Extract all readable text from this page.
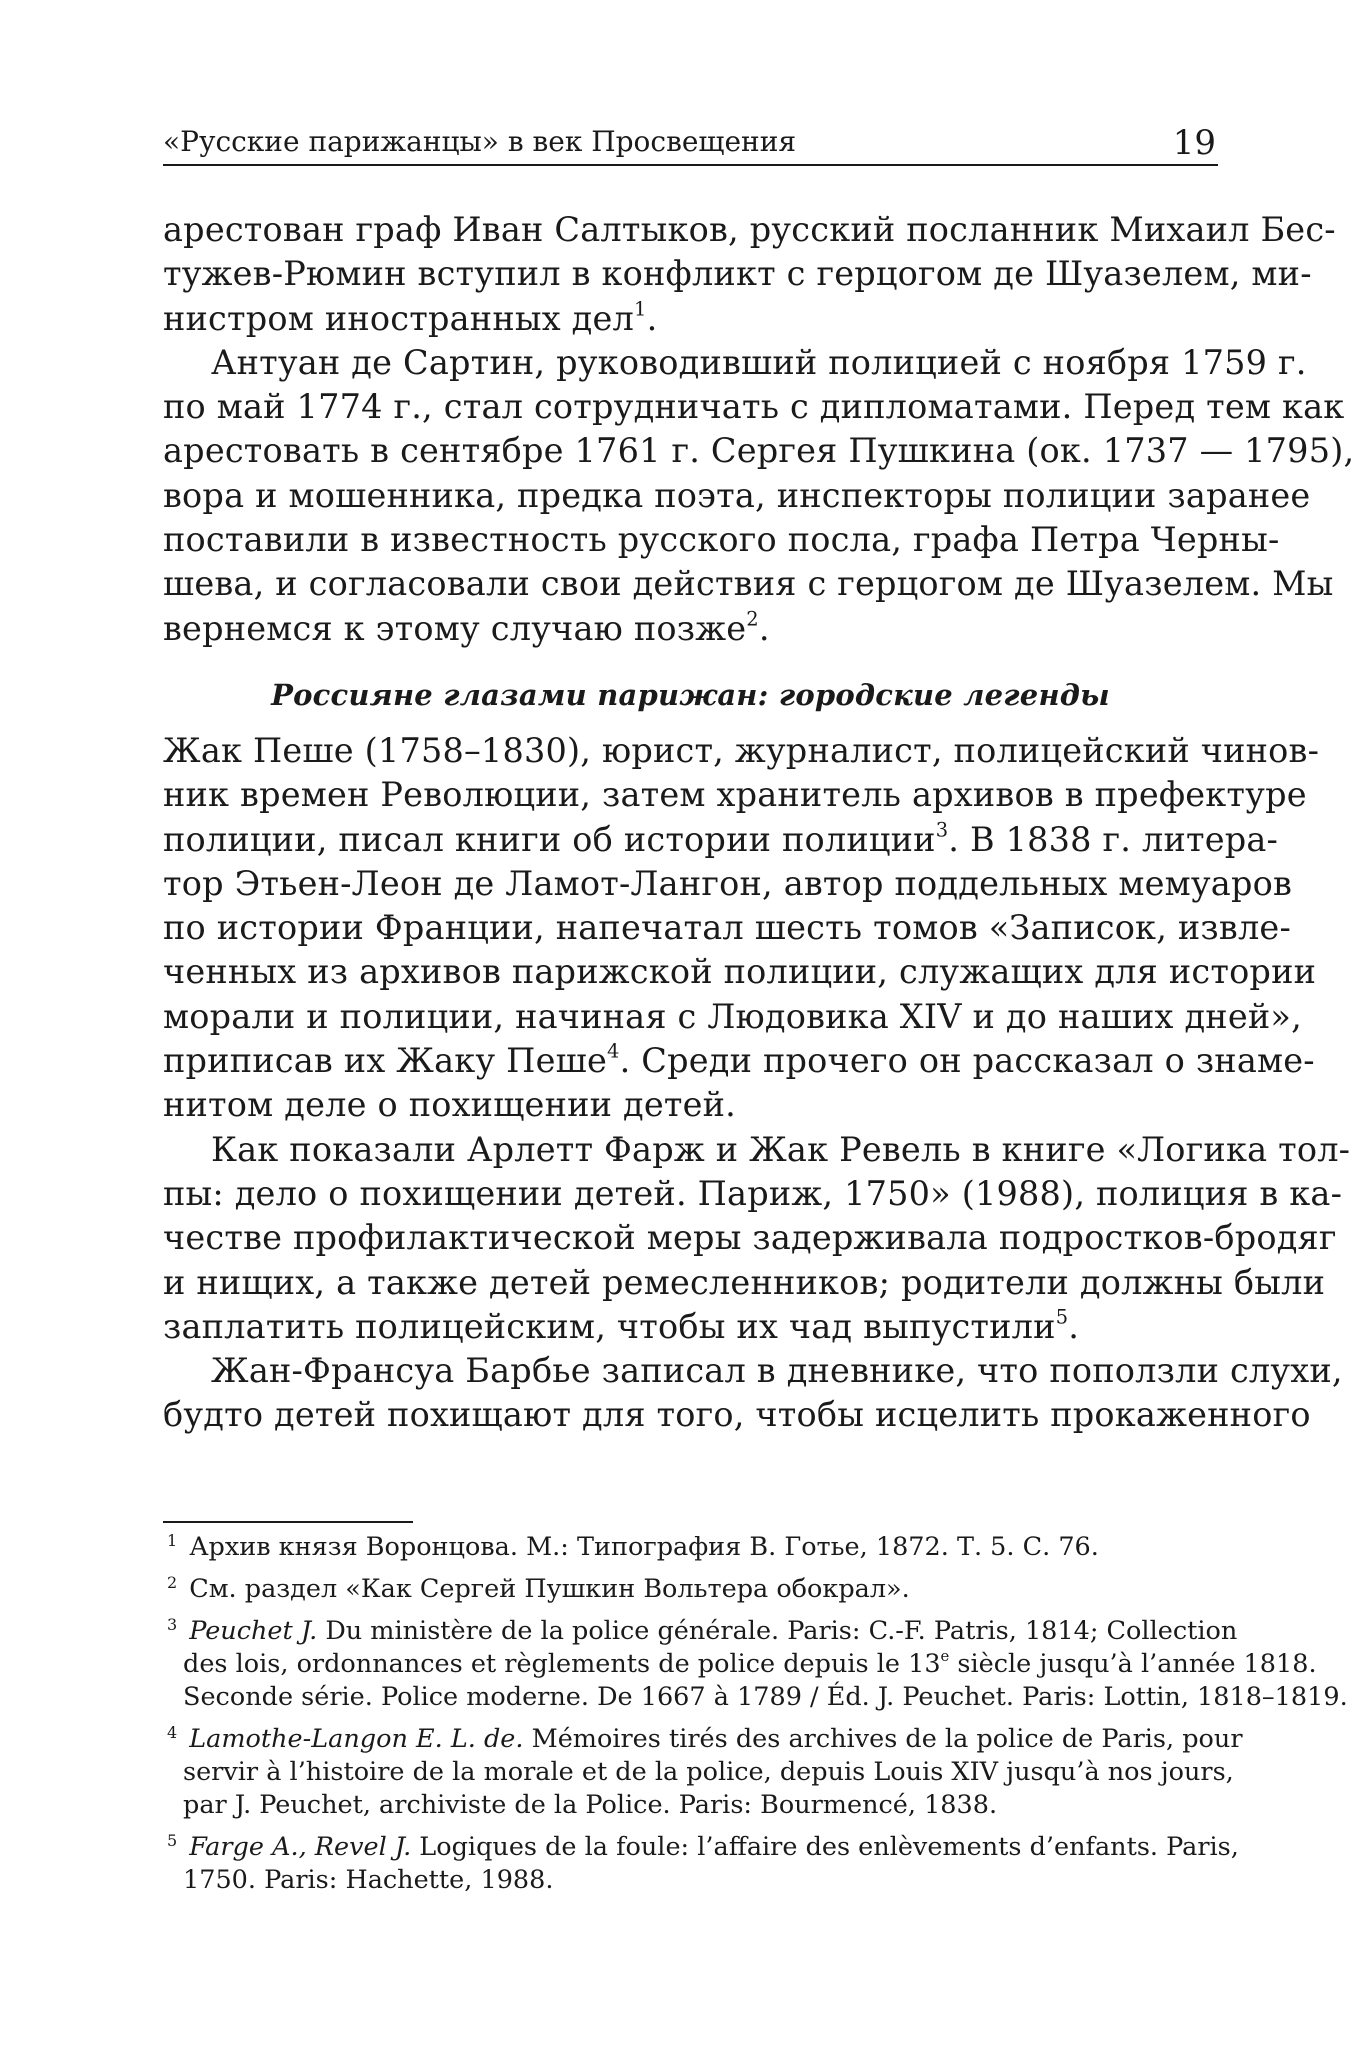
«Русские парижанцы» в век Просвещения	19
арестован граф Иван Салтыков, русский посланник Михаил Бес-
тужев-Рюмин вступил в конфликт с герцогом де Шуазелем, ми-
нистром иностранных дел$^1$.
Антуан де Сартин, руководивший полицией с ноября 1759 г.
по май 1774 г., стал сотрудничать с дипломатами. Перед тем как
арестовать в сентябре 1761 г. Сергея Пушкина (ок. 1737 — 1795),
вора и мошенника, предка поэта, инспекторы полиции заранее
поставили в известность русского посла, графа Петра Черны-
шева, и согласовали свои действия с герцогом де Шуазелем. Мы
вернемся к этому случаю позже$^2$.
Россияне глазами парижан: городские легенды
Жак Пеше (1758–1830), юрист, журналист, полицейский чинов-
ник времен Революции, затем хранитель архивов в префектуре
полиции, писал книги об истории полиции$^3$. В 1838 г. литера-
тор Этьен-Леон де Ламот-Лангон, автор поддельных мемуаров
по истории Франции, напечатал шесть томов «Записок, извле-
ченных из архивов парижской полиции, служащих для истории
морали и полиции, начиная с Людовика XIV и до наших дней»,
приписав их Жаку Пеше$^4$. Среди прочего он рассказал о знаме-
нитом деле о похищении детей.
Как показали Арлетт Фарж и Жак Ревель в книге «Логика тол-
пы: дело о похищении детей. Париж, 1750» (1988), полиция в ка-
честве профилактической меры задерживала подростков-бродяг
и нищих, а также детей ремесленников; родители должны были
заплатить полицейским, чтобы их чад выпустили$^5$.
Жан-Франсуа Барбье записал в дневнике, что поползли слухи,
будто детей похищают для того, чтобы исцелить прокаженного
$^1$ Архив князя Воронцова. М.: Типография В. Готье, 1872. Т. 5. С. 76.
$^2$ См. раздел «Как Сергей Пушкин Вольтера обокрал».
$^3$ Peuchet J. Du ministère de la police générale. Paris: C.-F. Patris, 1814; Collection
des lois, ordonnances et règlements de police depuis le 13e siècle jusqu’à l’année 1818.
Seconde série. Police moderne. De 1667 à 1789 / Éd. J. Peuchet. Paris: Lottin, 1818–1819.
$^4$ Lamothe-Langon E. L. de. Mémoires tirés des archives de la police de Paris, pour
servir à l’histoire de la morale et de la police, depuis Louis XIV jusqu’à nos jours,
par J. Peuchet, archiviste de la Police. Paris: Bourmencé, 1838.
$^5$ Farge A., Revel J. Logiques de la foule: l’affaire des enlèvements d’enfants. Paris,
1750. Paris: Hachette, 1988.
